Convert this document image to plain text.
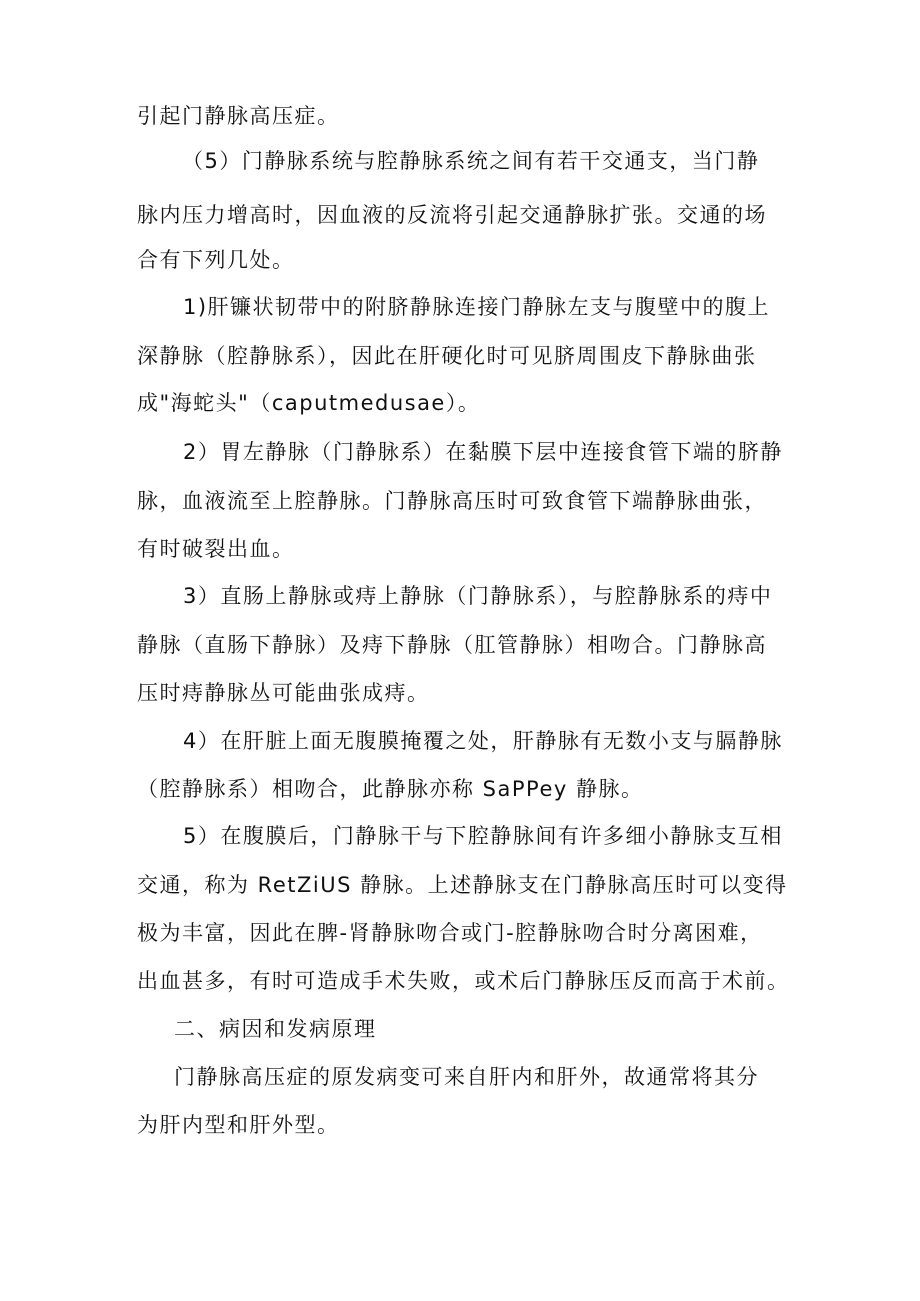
引起门静脉高压症。
（5）门静脉系统与腔静脉系统之间有若干交通支，当门静
脉内压力增高时，因血液的反流将引起交通静脉扩张。交通的场
合有下列几处。
1)肝镰状韧带中的附脐静脉连接门静脉左支与腹壁中的腹上
深静脉（腔静脉系），因此在肝硬化时可见脐周围皮下静脉曲张
成"海蛇头"（caputmedusae）。
2）胃左静脉（门静脉系）在黏膜下层中连接食管下端的脐静
脉，血液流至上腔静脉。门静脉高压时可致食管下端静脉曲张，
有时破裂出血。
3）直肠上静脉或痔上静脉（门静脉系），与腔静脉系的痔中
静脉（直肠下静脉）及痔下静脉（肛管静脉）相吻合。门静脉高
压时痔静脉丛可能曲张成痔。
4）在肝脏上面无腹膜掩覆之处，肝静脉有无数小支与膈静脉
（腔静脉系）相吻合，此静脉亦称 SaPPey 静脉。
5）在腹膜后，门静脉干与下腔静脉间有许多细小静脉支互相
交通，称为 RetZiUS 静脉。上述静脉支在门静脉高压时可以变得
极为丰富，因此在脾-肾静脉吻合或门-腔静脉吻合时分离困难，
出血甚多，有时可造成手术失败，或术后门静脉压反而高于术前。
二、病因和发病原理
门静脉高压症的原发病变可来自肝内和肝外，故通常将其分
为肝内型和肝外型。
